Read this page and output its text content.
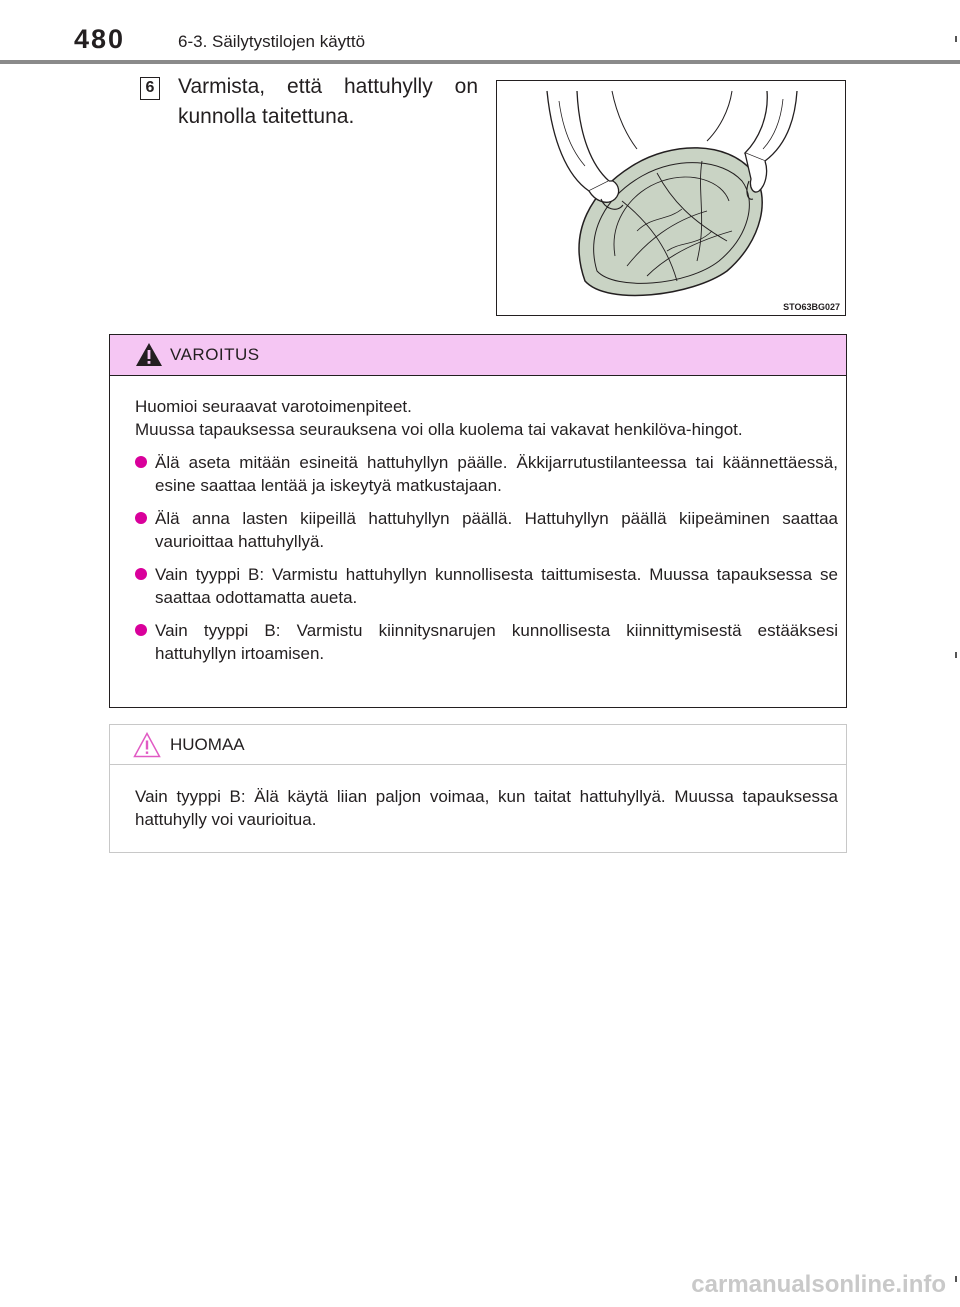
480	6-3. Säilytystilojen käyttö
6 Varmista, että hattuhylly on kunnolla taitettuna.
STO63BG027
VAROITUS

Huomioi seuraavat varotoimenpiteet.

Muussa tapauksessa seurauksena voi olla kuolema tai vakavat henkilöva-hingot.

Älä aseta mitään esineitä hattuhyllyn päälle. Äkkijarrutustilanteessa tai käännettäessä, esine saattaa lentää ja iskeytyä matkustajaan.
Älä anna lasten kiipeillä hattuhyllyn päällä. Hattuhyllyn päällä kiipeäminen saattaa vaurioittaa hattuhyllyä.
Vain tyyppi B: Varmistu hattuhyllyn kunnollisesta taittumisesta. Muussa tapauksessa se saattaa odottamatta aueta.
Vain tyyppi B: Varmistu kiinnitysnarujen kunnollisesta kiinnittymisestä estääksesi hattuhyllyn irtoamisen.
HUOMAA

Vain tyyppi B: Älä käytä liian paljon voimaa, kun taitat hattuhyllyä. Muussa tapauksessa hattuhylly voi vaurioitua.

carmanualsonline.info
